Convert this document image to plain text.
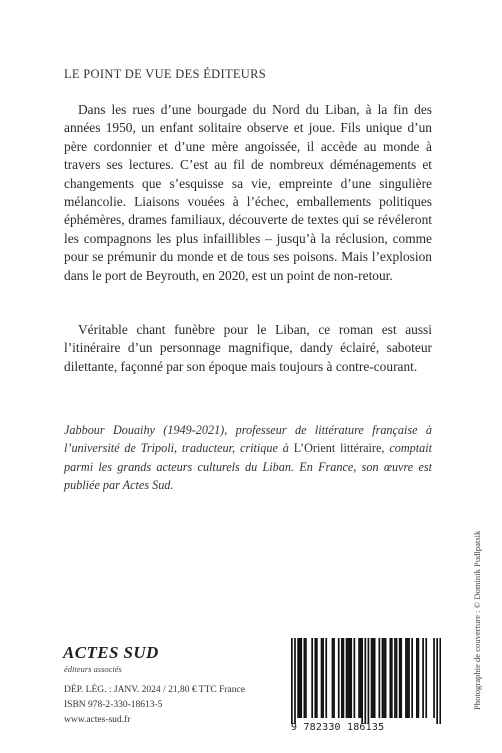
LE POINT DE VUE DES ÉDITEURS

Dans les rues d’une bourgade du Nord du Liban, à la fin des années 1950, un enfant solitaire observe et joue. Fils unique d’un père cordonnier et d’une mère angoissée, il accède au monde à travers ses lectures. C’est au fil de nombreux déménagements et changements que s’esquisse sa vie, empreinte d’une singulière mélancolie. Liaisons vouées à l’échec, emballements politiques éphémères, drames familiaux, découverte de textes qui se révéleront les compagnons les plus infaillibles – jusqu’à la réclusion, comme pour se prémunir du monde et de tous ses poisons. Mais l’explosion dans le port de Beyrouth, en 2020, est un point de non-retour.

Véritable chant funèbre pour le Liban, ce roman est aussi l’itinéraire d’un personnage magnifique, dandy éclairé, saboteur dilettante, façonné par son époque mais toujours à contre-courant.

Jabbour Douaihy (1949-2021), professeur de littérature française à l’université de Tripoli, traducteur, critique à L’Orient littéraire, comptait parmi les grands acteurs culturels du Liban. En France, son œuvre est publiée par Actes Sud.

ACTES SUD
éditeurs associés
DÉP. LÉG. : JANV. 2024 / 21,80 € TTC France
ISBN 978-2-330-18613-5
www.actes-sud.fr
Photographie de couverture : © Dominik Pudlpatsik
9 782330 186135
